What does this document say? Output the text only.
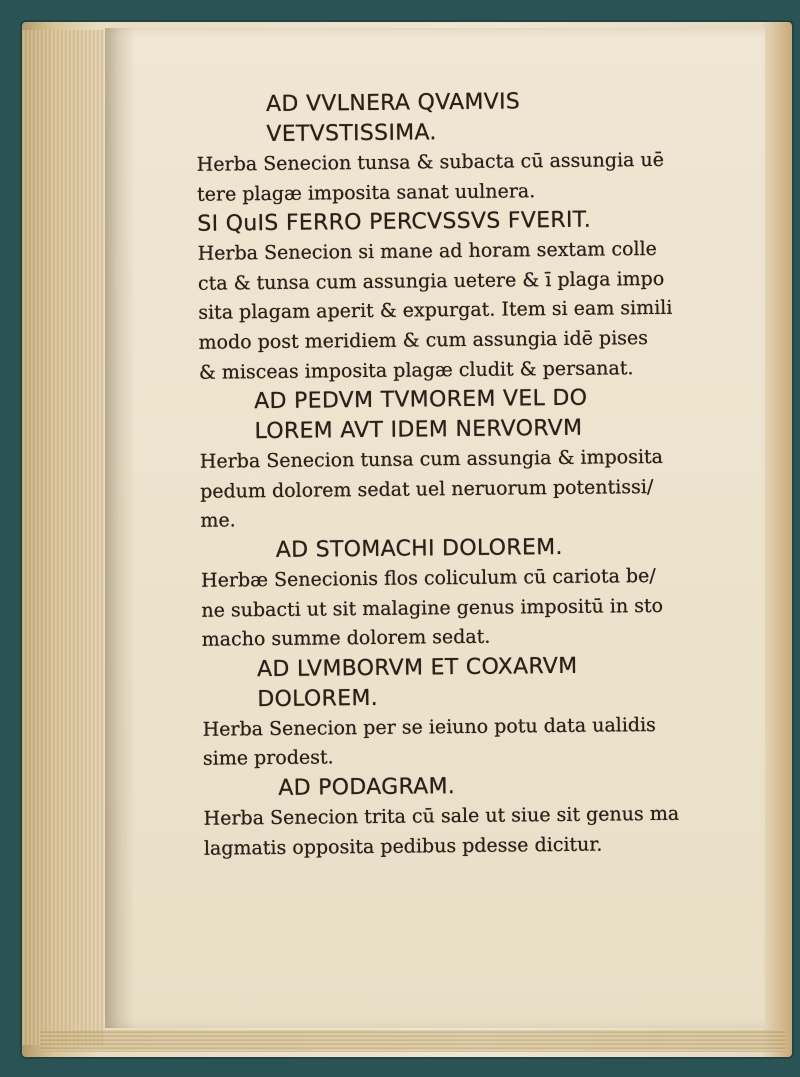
AD VVLNERA QVAMVIS
VETVSTISSIMA.
Herba Senecion tunsa & subacta cū assungia uē
tere plagæ imposita sanat uulnera.
SI QuIS FERRO PERCVSSVS FVERIT.
Herba Senecion si mane ad horam sextam colle
cta & tunsa cum assungia uetere & ī plaga impo
sita plagam aperit & expurgat. Item si eam simili
modo post meridiem & cum assungia idē pises
& misceas imposita plagæ cludit & persanat.
AD PEDVM TVMOREM VEL DO
LOREM AVT IDEM NERVORVM
Herba Senecion tunsa cum assungia & imposita
pedum dolorem sedat uel neruorum potentissi/
me.
AD STOMACHI DOLOREM.
Herbæ Senecionis flos coliculum cū cariota be/
ne subacti ut sit malagine genus impositū in sto
macho summe dolorem sedat.
AD LVMBORVM ET COXARVM
DOLOREM.
Herba Senecion per se ieiuno potu data ualidis
sime prodest.
AD PODAGRAM.
Herba Senecion trita cū sale ut siue sit genus ma
lagmatis opposita pedibus pdesse dicitur.
